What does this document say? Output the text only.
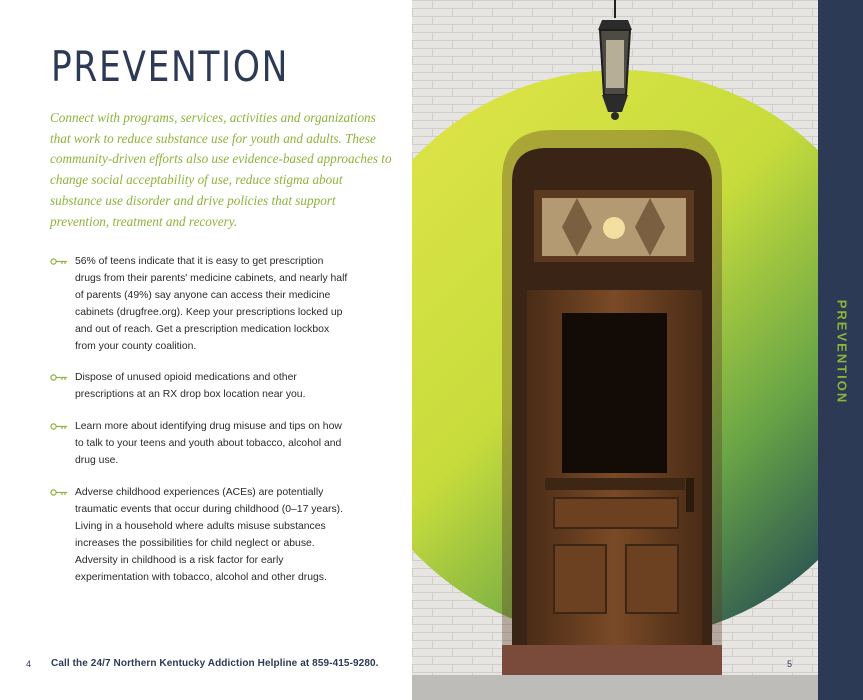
PREVENTION

Connect with programs, services, activities and organizations that work to reduce substance use for youth and adults. These community-driven efforts also use evidence-based approaches to change social acceptability of use, reduce stigma about substance use disorder and drive policies that support prevention, treatment and recovery.

56% of teens indicate that it is easy to get prescription drugs from their parents' medicine cabinets, and nearly half of parents (49%) say anyone can access their medicine cabinets (drugfree.org). Keep your prescriptions locked up and out of reach. Get a prescription medication lockbox from your county coalition.
Dispose of unused opioid medications and other prescriptions at an RX drop box location near you.
Learn more about identifying drug misuse and tips on how to talk to your teens and youth about tobacco, alcohol and drug use.
Adverse childhood experiences (ACEs) are potentially traumatic events that occur during childhood (0–17 years). Living in a household where adults misuse substances increases the possibilities for child neglect or abuse. Adversity in childhood is a risk factor for early experimentation with tobacco, alcohol and other drugs.
4 Call the 24/7 Northern Kentucky Addiction Helpline at 859-415-9280.
PREVENTION
5
